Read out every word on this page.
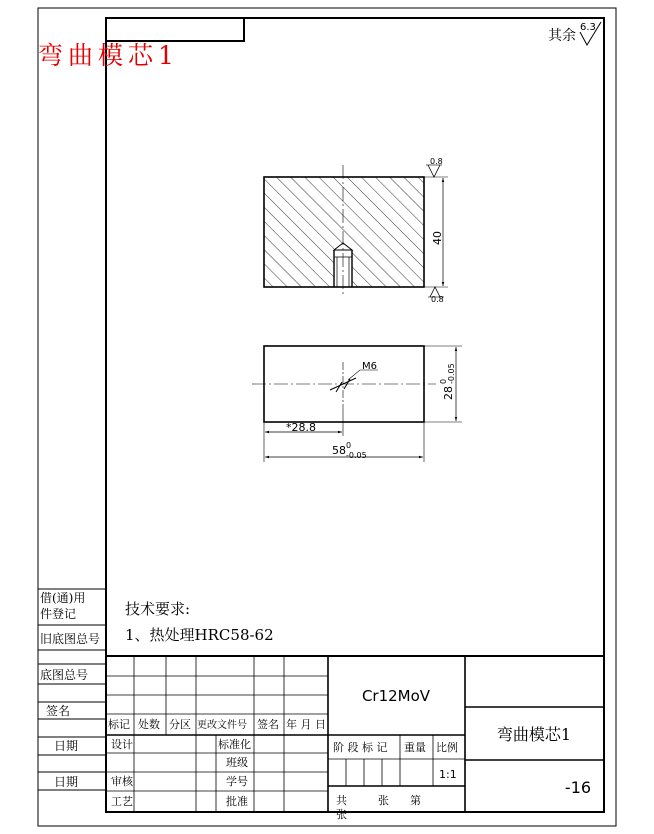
弯曲模芯1
其余
6.3
40
0.8
0.8
M6
28
0 -0.05
*28.8
58 0
-0.05
技术要求:
1、热处理HRC58-62
借(通)用
件登记
旧底图总号
底图总号
签名
日期
日期
标记 处数 分区 更改文件号 签名 年 月 日
设计	标准化
班级
审核	学号
工艺	批准
阶 段 标 记 重量 比例
1:1
共	张 第
张
Cr12MoV
弯曲模芯1
-16
